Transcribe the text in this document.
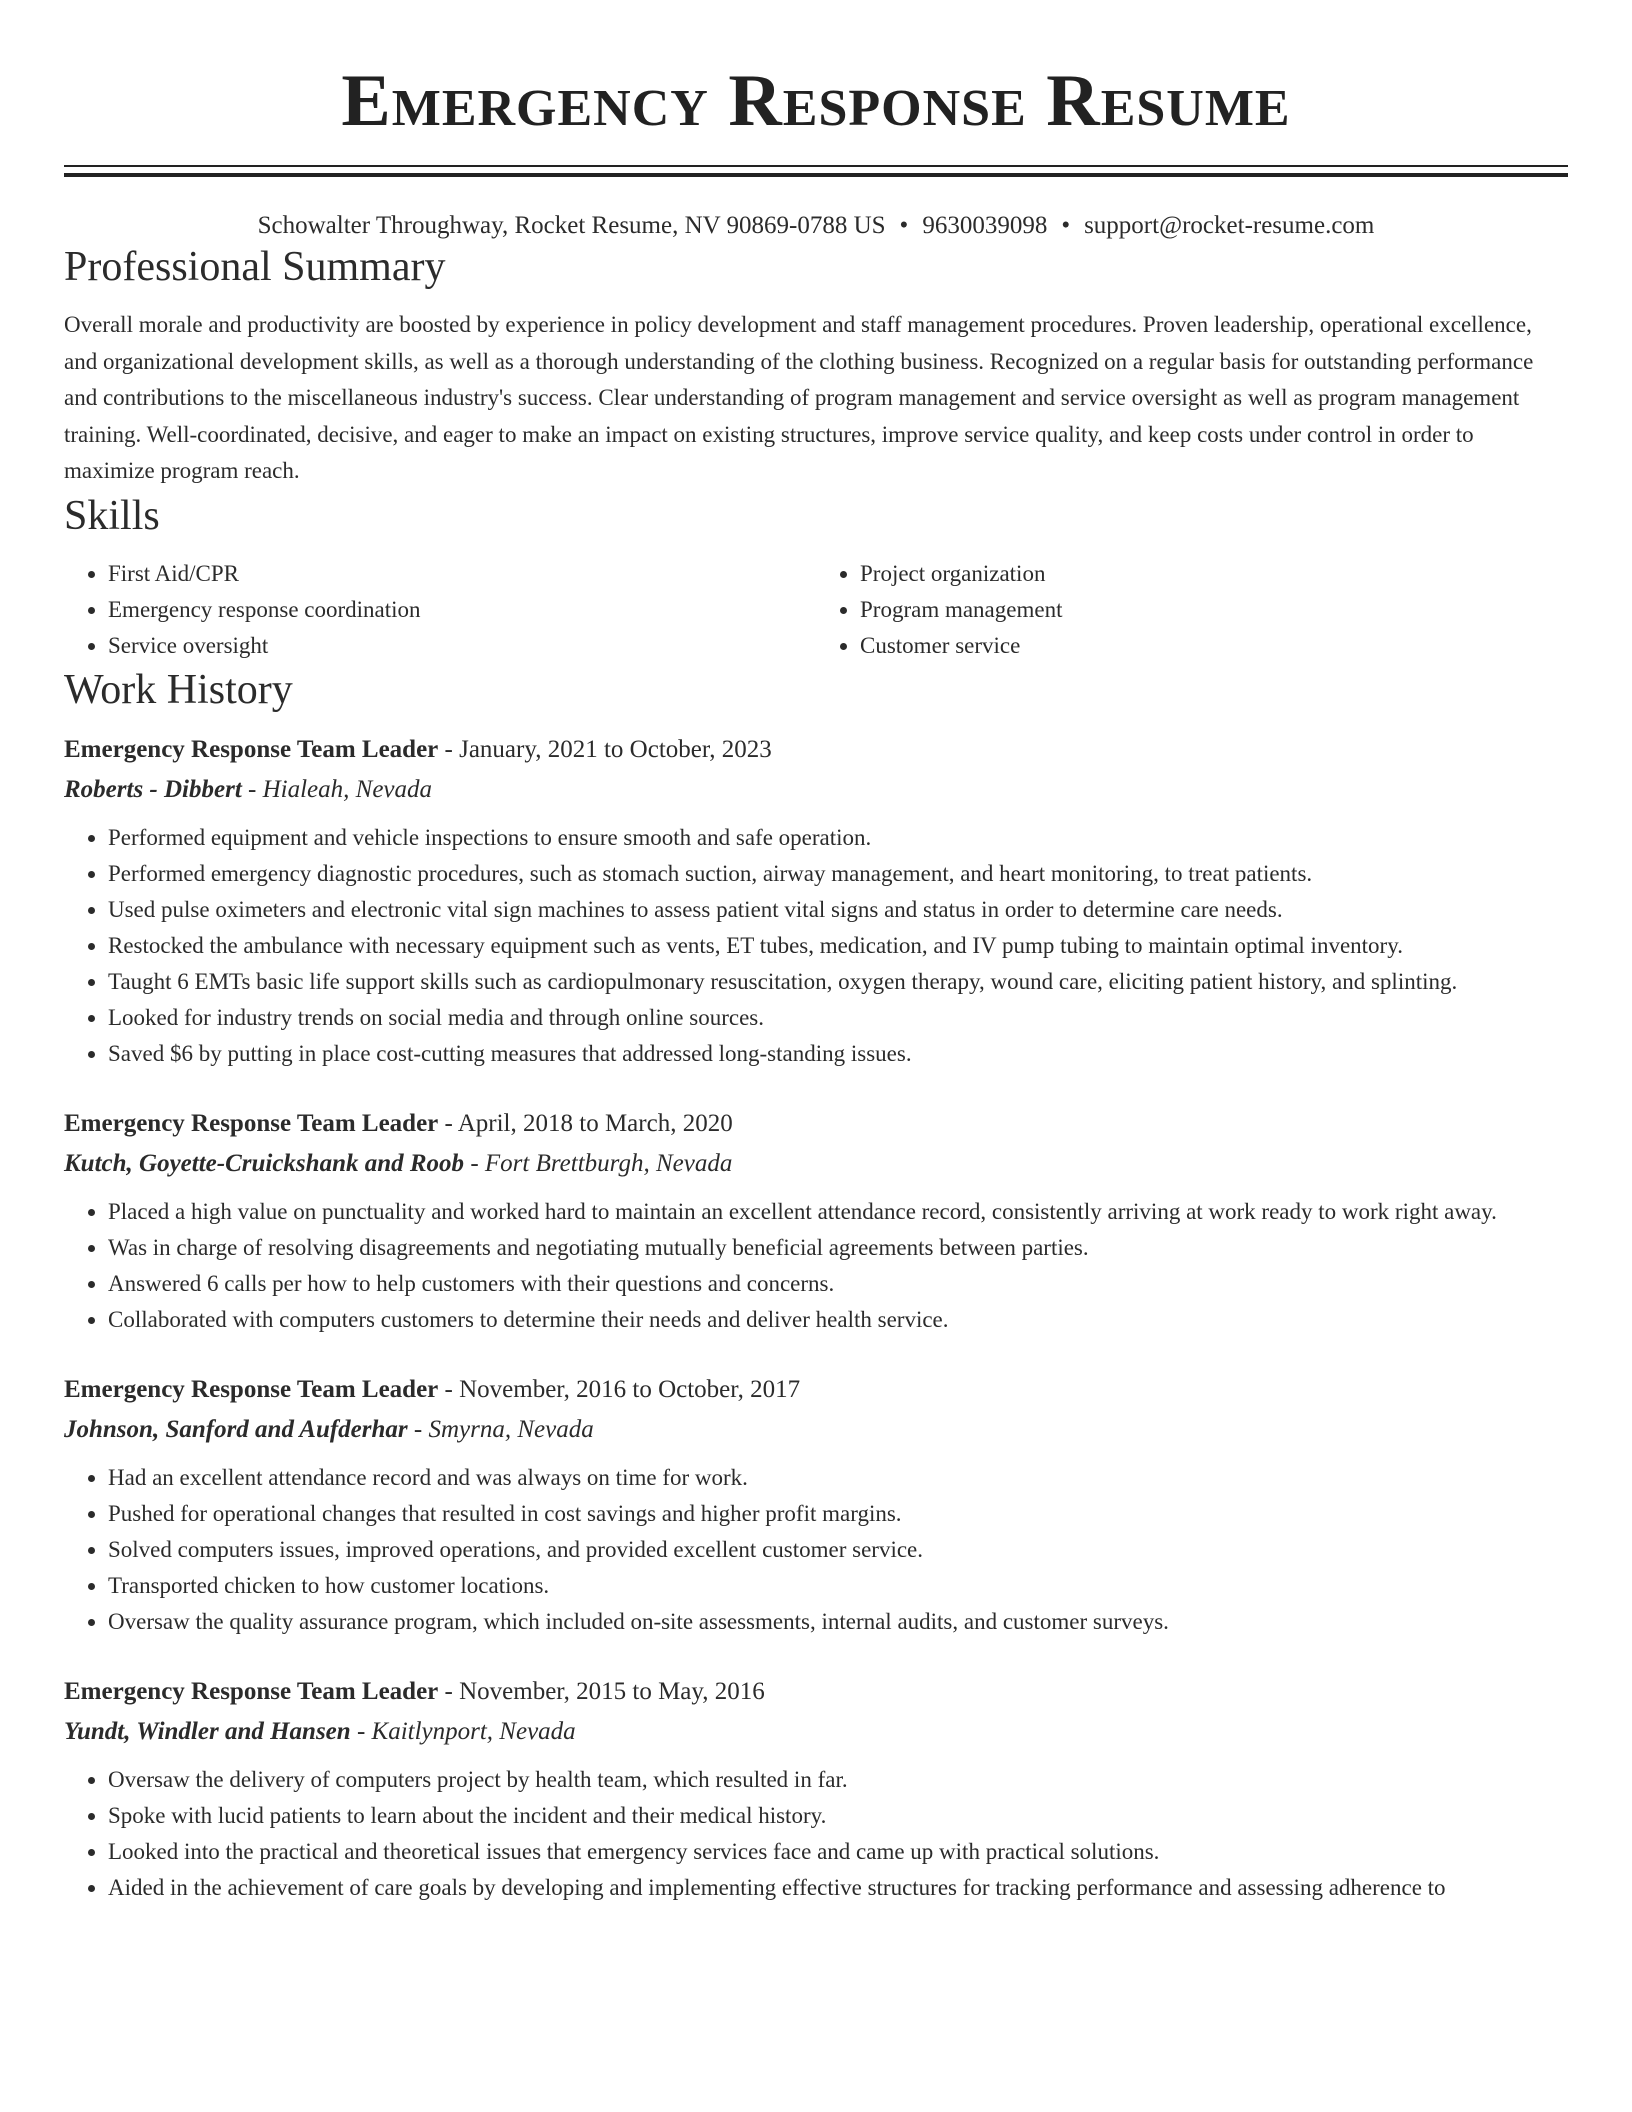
Emergency Response Resume
Schowalter Throughway, Rocket Resume, NV 90869-0788 US • 9630039098 • support@rocket-resume.com
Professional Summary

Overall morale and productivity are boosted by experience in policy development and staff management procedures. Proven leadership, operational excellence, and organizational development skills, as well as a thorough understanding of the clothing business. Recognized on a regular basis for outstanding performance and contributions to the miscellaneous industry's success. Clear understanding of program management and service oversight as well as program management training. Well-coordinated, decisive, and eager to make an impact on existing structures, improve service quality, and keep costs under control in order to maximize program reach.

Skills
• First Aid/CPR
• Emergency response coordination
• Service oversight
• Project organization
• Program management
• Customer service
Work History
Emergency Response Team Leader - January, 2021 to October, 2023
Roberts - Dibbert - Hialeah, Nevada
• Performed equipment and vehicle inspections to ensure smooth and safe operation.
• Performed emergency diagnostic procedures, such as stomach suction, airway management, and heart monitoring, to treat patients.
• Used pulse oximeters and electronic vital sign machines to assess patient vital signs and status in order to determine care needs.
• Restocked the ambulance with necessary equipment such as vents, ET tubes, medication, and IV pump tubing to maintain optimal inventory.
• Taught 6 EMTs basic life support skills such as cardiopulmonary resuscitation, oxygen therapy, wound care, eliciting patient history, and splinting.
• Looked for industry trends on social media and through online sources.
• Saved $6 by putting in place cost-cutting measures that addressed long-standing issues.
Emergency Response Team Leader - April, 2018 to March, 2020
Kutch, Goyette-Cruickshank and Roob - Fort Brettburgh, Nevada
• Placed a high value on punctuality and worked hard to maintain an excellent attendance record, consistently arriving at work ready to work right away.
• Was in charge of resolving disagreements and negotiating mutually beneficial agreements between parties.
• Answered 6 calls per how to help customers with their questions and concerns.
• Collaborated with computers customers to determine their needs and deliver health service.
Emergency Response Team Leader - November, 2016 to October, 2017
Johnson, Sanford and Aufderhar - Smyrna, Nevada
• Had an excellent attendance record and was always on time for work.
• Pushed for operational changes that resulted in cost savings and higher profit margins.
• Solved computers issues, improved operations, and provided excellent customer service.
• Transported chicken to how customer locations.
• Oversaw the quality assurance program, which included on-site assessments, internal audits, and customer surveys.
Emergency Response Team Leader - November, 2015 to May, 2016
Yundt, Windler and Hansen - Kaitlynport, Nevada
• Oversaw the delivery of computers project by health team, which resulted in far.
• Spoke with lucid patients to learn about the incident and their medical history.
• Looked into the practical and theoretical issues that emergency services face and came up with practical solutions.
• Aided in the achievement of care goals by developing and implementing effective structures for tracking performance and assessing adherence to
